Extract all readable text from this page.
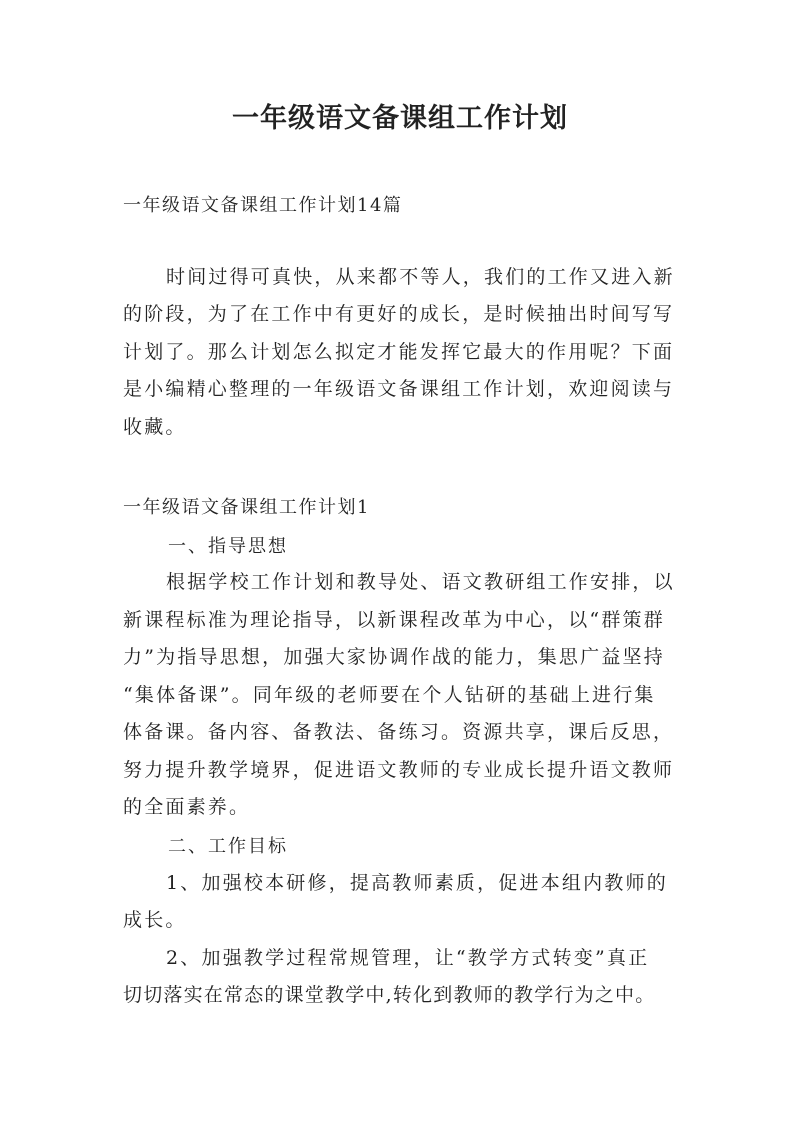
一年级语文备课组工作计划

一年级语文备课组工作计划14篇

时间过得可真快，从来都不等人，我们的工作又进入新

的阶段，为了在工作中有更好的成长，是时候抽出时间写写

计划了。那么计划怎么拟定才能发挥它最大的作用呢？下面

是小编精心整理的一年级语文备课组工作计划，欢迎阅读与

收藏。

一年级语文备课组工作计划1

一、指导思想

根据学校工作计划和教导处、语文教研组工作安排，以

新课程标准为理论指导，以新课程改革为中心，以“群策群

力”为指导思想，加强大家协调作战的能力，集思广益坚持

“集体备课”。同年级的老师要在个人钻研的基础上进行集

体备课。备内容、备教法、备练习。资源共享，课后反思，

努力提升教学境界，促进语文教师的专业成长提升语文教师

的全面素养。

二、工作目标

1、加强校本研修，提高教师素质，促进本组内教师的

成长。

2、加强教学过程常规管理，让“教学方式转变”真正

切切落实在常态的课堂教学中,转化到教师的教学行为之中。
